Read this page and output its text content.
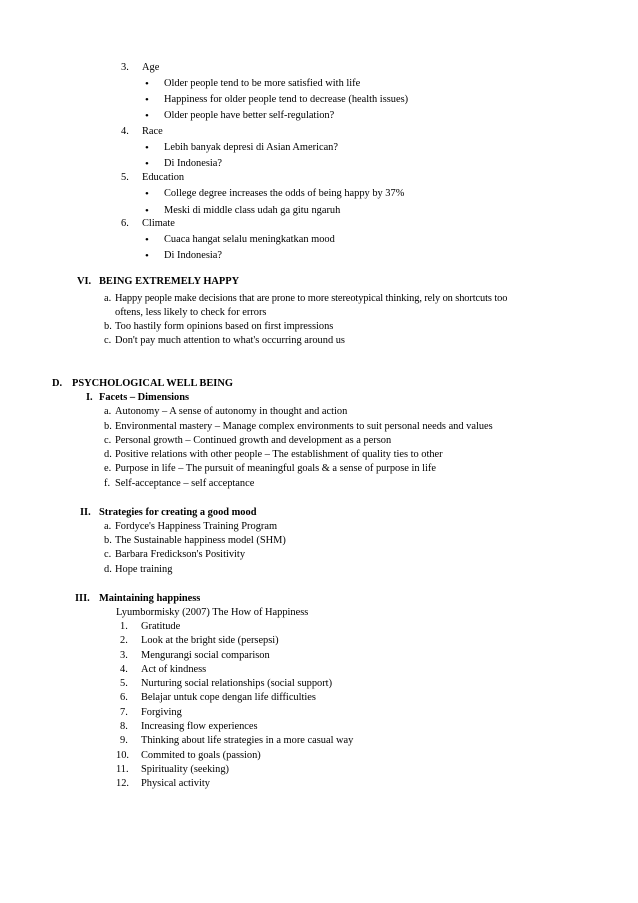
3. Age
• Older people tend to be more satisfied with life
• Happiness for older people tend to decrease (health issues)
• Older people have better self-regulation?
4. Race
• Lebih banyak depresi di Asian American?
• Di Indonesia?
5. Education
• College degree increases the odds of being happy by 37%
• Meski di middle class udah ga gitu ngaruh
6. Climate
• Cuaca hangat selalu meningkatkan mood
• Di Indonesia?
VI. BEING EXTREMELY HAPPY
a. Happy people make decisions that are prone to more stereotypical thinking, rely on shortcuts too
oftens, less likely to check for errors
b. Too hastily form opinions based on first impressions
c. Don't pay much attention to what's occurring around us
D. PSYCHOLOGICAL WELL BEING
I. Facets – Dimensions
a. Autonomy – A sense of autonomy in thought and action
b. Environmental mastery – Manage complex environments to suit personal needs and values
c. Personal growth – Continued growth and development as a person
d. Positive relations with other people – The establishment of quality ties to other
e. Purpose in life – The pursuit of meaningful goals & a sense of purpose in life
f. Self-acceptance – self acceptance
II. Strategies for creating a good mood
a. Fordyce's Happiness Training Program
b. The Sustainable happiness model (SHM)
c. Barbara Fredickson's Positivity
d. Hope training
III. Maintaining happiness
Lyumbormisky (2007) The How of Happiness
1. Gratitude
2. Look at the bright side (persepsi)
3. Mengurangi social comparison
4. Act of kindness
5. Nurturing social relationships (social support)
6. Belajar untuk cope dengan life difficulties
7. Forgiving
8. Increasing flow experiences
9. Thinking about life strategies in a more casual way
10. Commited to goals (passion)
11. Spirituality (seeking)
12. Physical activity
